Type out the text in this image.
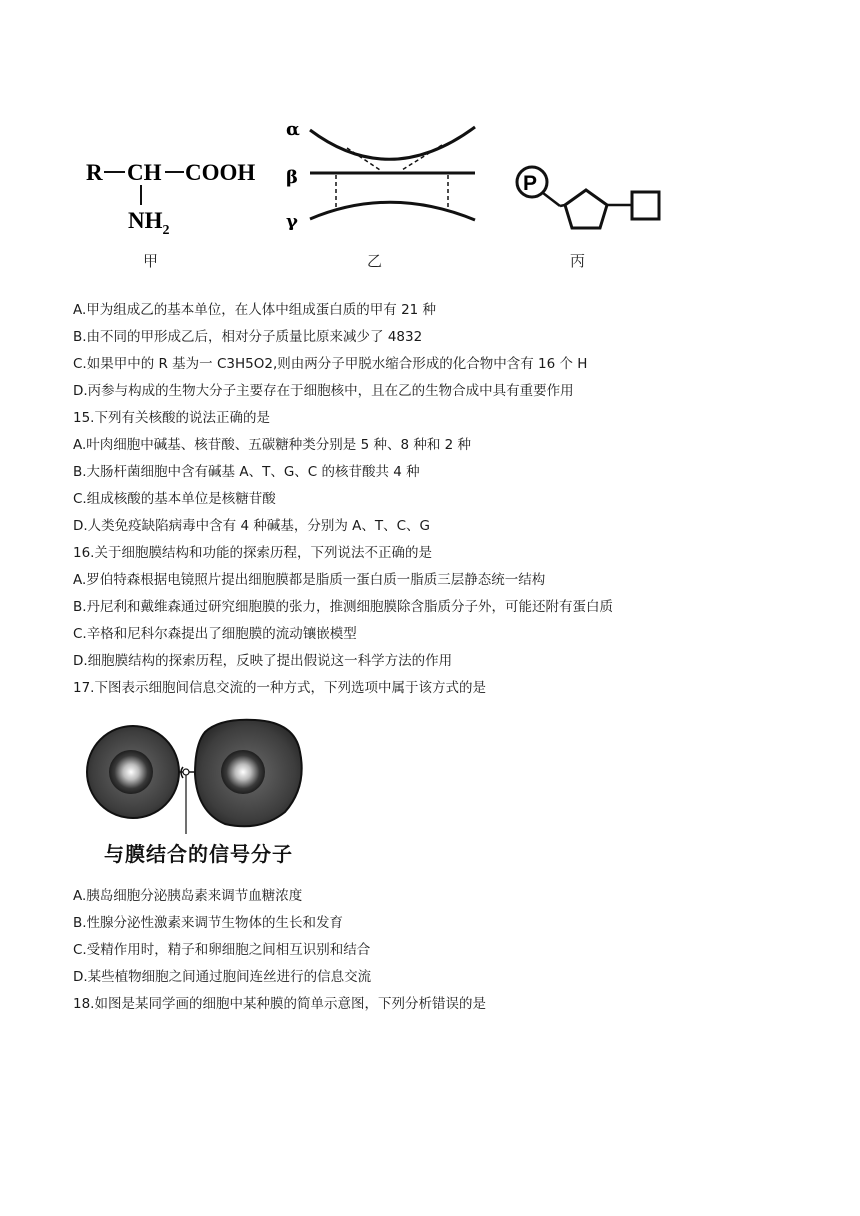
R CH COOH
$NH_2$
甲
α
β
γ
乙
P
丙
A.甲为组成乙的基本单位，在人体中组成蛋白质的甲有 21 种
B.由不同的甲形成乙后，相对分子质量比原来减少了 4832
C.如果甲中的 R 基为一 C3H5O2,则由两分子甲脱水缩合形成的化合物中含有 16 个 H
D.丙参与构成的生物大分子主要存在于细胞核中，且在乙的生物合成中具有重要作用
15.下列有关核酸的说法正确的是
A.叶肉细胞中碱基、核苷酸、五碳糖种类分别是 5 种、8 种和 2 种
B.大肠杆菌细胞中含有碱基 A、T、G、C 的核苷酸共 4 种
C.组成核酸的基本单位是核糖苷酸
D.人类免疫缺陷病毒中含有 4 种碱基，分别为 A、T、C、G
16.关于细胞膜结构和功能的探索历程，下列说法不正确的是
A.罗伯特森根据电镜照片提出细胞膜都是脂质一蛋白质一脂质三层静态统一结构
B.丹尼利和戴维森通过研究细胞膜的张力，推测细胞膜除含脂质分子外，可能还附有蛋白质
C.辛格和尼科尔森提出了细胞膜的流动镶嵌模型
D.细胞膜结构的探索历程，反映了提出假说这一科学方法的作用
17.下图表示细胞间信息交流的一种方式，下列选项中属于该方式的是
与膜结合的信号分子
A.胰岛细胞分泌胰岛素来调节血糖浓度
B.性腺分泌性激素来调节生物体的生长和发育
C.受精作用时，精子和卵细胞之间相互识别和结合
D.某些植物细胞之间通过胞间连丝进行的信息交流
18.如图是某同学画的细胞中某种膜的简单示意图，下列分析错误的是
